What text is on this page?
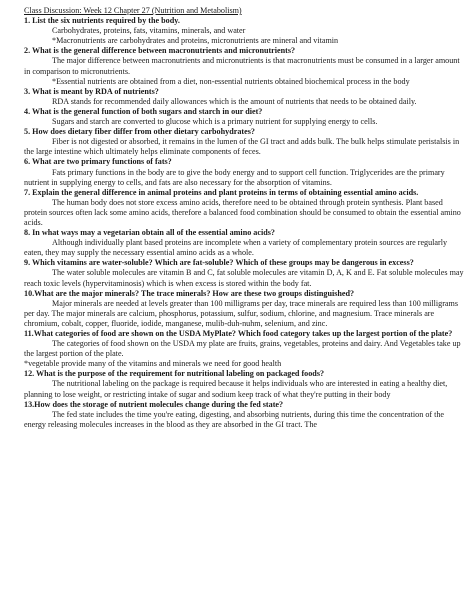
Class Discussion: Week 12 Chapter 27 (Nutrition and Metabolism)

1. List the six nutrients required by the body.

Carbohydrates, proteins, fats, vitamins, minerals, and water

*Macronutrients are carbohydrates and proteins, micronutrients are mineral and vitamin

2. What is the general difference between macronutrients and micronutrients?

The major difference between macronutrients and micronutrients is that macronutrients must be consumed in a larger amount in comparison to micronutrients.

*Essential nutrients are obtained from a diet, non-essential nutrients obtained biochemical process in the body

3. What is meant by RDA of nutrients?

RDA stands for recommended daily allowances which is the amount of nutrients that needs to be obtained daily.

4. What is the general function of both sugars and starch in our diet?

Sugars and starch are converted to glucose which is a primary nutrient for supplying energy to cells.

5. How does dietary fiber differ from other dietary carbohydrates?

Fiber is not digested or absorbed, it remains in the lumen of the GI tract and adds bulk. The bulk helps stimulate peristalsis in the large intestine which ultimately helps eliminate components of feces.

6. What are two primary functions of fats?

Fats primary functions in the body are to give the body energy and to support cell function. Triglycerides are the primary nutrient in supplying energy to cells, and fats are also necessary for the absorption of vitamins.

7. Explain the general difference in animal proteins and plant proteins in terms of obtaining essential amino acids.

The human body does not store excess amino acids, therefore need to be obtained through protein synthesis. Plant based protein sources often lack some amino acids, therefore a balanced food combination should be consumed to obtain the essential amino acids.

8. In what ways may a vegetarian obtain all of the essential amino acids?

Although individually plant based proteins are incomplete when a variety of complementary protein sources are regularly eaten, they may supply the necessary essential amino acids as a whole.

9. Which vitamins are water-soluble? Which are fat-soluble? Which of these groups may be dangerous in excess?

The water soluble molecules are vitamin B and C, fat soluble molecules are vitamin D, A, K and E. Fat soluble molecules may reach toxic levels (hypervitaminosis) which is when excess is stored within the body fat.

10.What are the major minerals? The trace minerals? How are these two groups distinguished?

Major minerals are needed at levels greater than 100 milligrams per day, trace minerals are required less than 100 milligrams per day. The major minerals are calcium, phosphorus, potassium, sulfur, sodium, chlorine, and magnesium. Trace minerals are chromium, cobalt, copper, fluoride, iodide, manganese, mulib-duh-nuhm, selenium, and zinc.

11.What categories of food are shown on the USDA MyPlate? Which food category takes up the largest portion of the plate?

The categories of food shown on the USDA my plate are fruits, grains, vegetables, proteins and dairy. And Vegetables take up the largest portion of the plate.

*vegetable provide many of the vitamins and minerals we need for good health

12. What is the purpose of the requirement for nutritional labeling on packaged foods?

The nutritional labeling on the package is required because it helps individuals who are interested in eating a healthy diet, planning to lose weight, or restricting intake of sugar and sodium keep track of what they're putting in their body

13.How does the storage of nutrient molecules change during the fed state?

The fed state includes the time you're eating, digesting, and absorbing nutrients, during this time the concentration of the energy releasing molecules increases in the blood as they are absorbed in the GI tract. The
